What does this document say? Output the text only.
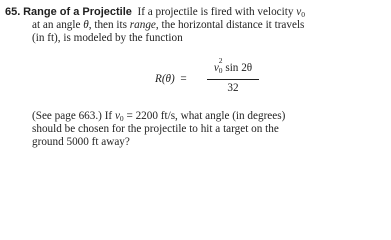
65. Range of a Projectile If a projectile is fired with velocity $v_0$
at an angle θ, then its range, the horizontal distance it travels
(in ft), is modeled by the function
R(θ) =
v
2
0 sin 2θ
32
(See page 663.) If $v_0 = 2200$ ft/s, what angle (in degrees)
should be chosen for the projectile to hit a target on the
ground 5000 ft away?
